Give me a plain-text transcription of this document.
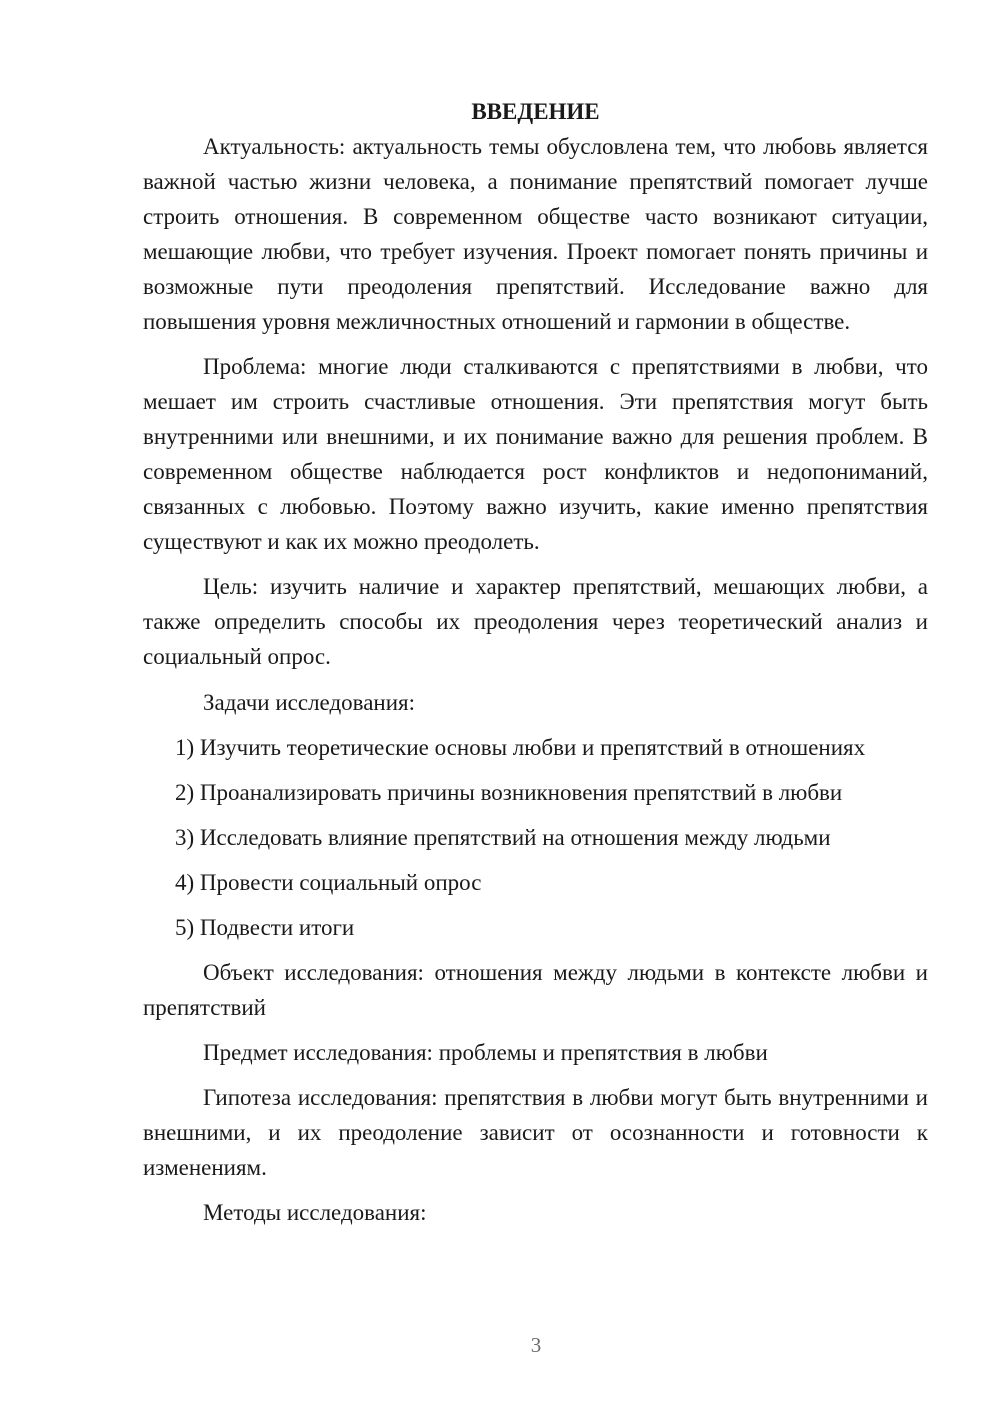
ВВЕДЕНИЕ

Актуальность: актуальность темы обусловлена тем, что любовь является важной частью жизни человека, а понимание препятствий помогает лучше строить отношения. В современном обществе часто возникают ситуации, мешающие любви, что требует изучения. Проект помогает понять причины и возможные пути преодоления препятствий. Исследование важно для повышения уровня межличностных отношений и гармонии в обществе.

Проблема: многие люди сталкиваются с препятствиями в любви, что мешает им строить счастливые отношения. Эти препятствия могут быть внутренними или внешними, и их понимание важно для решения проблем. В современном обществе наблюдается рост конфликтов и недопониманий, связанных с любовью. Поэтому важно изучить, какие именно препятствия существуют и как их можно преодолеть.

Цель: изучить наличие и характер препятствий, мешающих любви, а также определить способы их преодоления через теоретический анализ и социальный опрос.

Задачи исследования:

1) Изучить теоретические основы любви и препятствий в отношениях
2) Проанализировать причины возникновения препятствий в любви
3) Исследовать влияние препятствий на отношения между людьми
4) Провести социальный опрос
5) Подвести итоги

Объект исследования: отношения между людьми в контексте любви и препятствий

Предмет исследования: проблемы и препятствия в любви

Гипотеза исследования: препятствия в любви могут быть внутренними и внешними, и их преодоление зависит от осознанности и готовности к изменениям.

Методы исследования:

3
